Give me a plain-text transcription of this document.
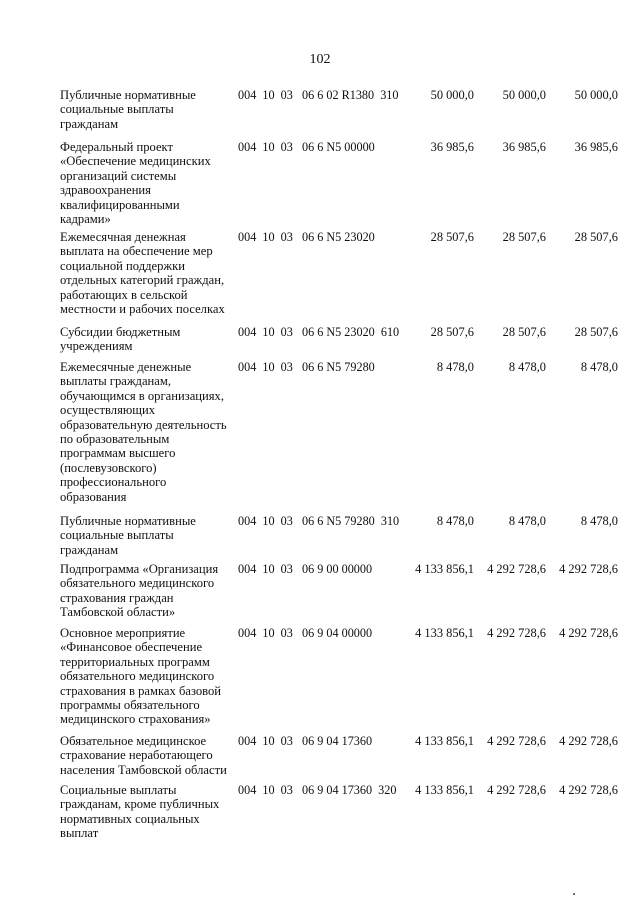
102
Публичные нормативные
социальные выплаты
гражданам
004  10  03   06 6 02 R1380  310	50 000,0	50 000,0	50 000,0
Федеральный проект
«Обеспечение медицинских
организаций системы
здравоохранения
квалифицированными
кадрами»
004  10  03   06 6 N5 00000	36 985,6	36 985,6	36 985,6
Ежемесячная денежная
выплата на обеспечение мер
социальной поддержки
отдельных категорий граждан,
работающих в сельской
местности и рабочих поселках
004  10  03   06 6 N5 23020	28 507,6	28 507,6	28 507,6
Субсидии бюджетным
учреждениям
004  10  03   06 6 N5 23020  610	28 507,6	28 507,6	28 507,6
Ежемесячные денежные
выплаты гражданам,
обучающимся в организациях,
осуществляющих
образовательную деятельность
по образовательным
программам высшего
(послевузовского)
профессионального
образования
004  10  03   06 6 N5 79280	8 478,0	8 478,0	8 478,0
Публичные нормативные
социальные выплаты
гражданам
004  10  03   06 6 N5 79280  310	8 478,0	8 478,0	8 478,0
Подпрограмма «Организация
обязательного медицинского
страхования граждан
Тамбовской области»
004  10  03   06 9 00 00000	4 133 856,1	4 292 728,6	4 292 728,6
Основное мероприятие
«Финансовое обеспечение
территориальных программ
обязательного медицинского
страхования в рамках базовой
программы обязательного
медицинского страхования»
004  10  03   06 9 04 00000	4 133 856,1	4 292 728,6	4 292 728,6
Обязательное медицинское
страхование неработающего
населения Тамбовской области
004  10  03   06 9 04 17360	4 133 856,1	4 292 728,6	4 292 728,6
Социальные выплаты
гражданам, кроме публичных
нормативных социальных
выплат
004  10  03   06 9 04 17360  320	4 133 856,1	4 292 728,6	4 292 728,6
